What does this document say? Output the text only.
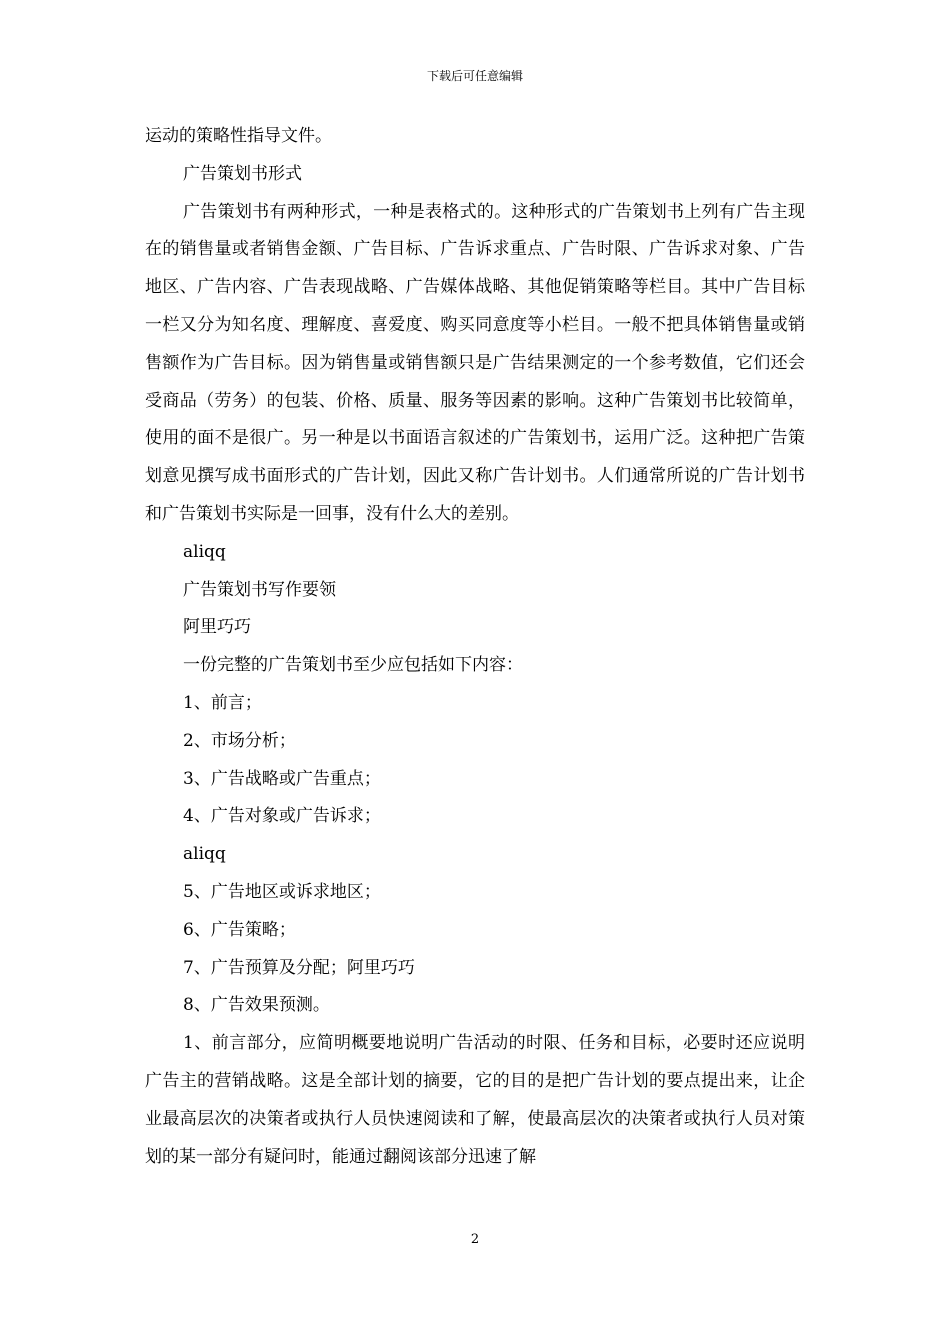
下载后可任意编辑

运动的策略性指导文件。

广告策划书形式

广告策划书有两种形式，一种是表格式的。这种形式的广告策划书上列有广告主现在的销售量或者销售金额、广告目标、广告诉求重点、广告时限、广告诉求对象、广告地区、广告内容、广告表现战略、广告媒体战略、其他促销策略等栏目。其中广告目标一栏又分为知名度、理解度、喜爱度、购买同意度等小栏目。一般不把具体销售量或销售额作为广告目标。因为销售量或销售额只是广告结果测定的一个参考数值，它们还会受商品（劳务）的包装、价格、质量、服务等因素的影响。这种广告策划书比较简单，使用的面不是很广。另一种是以书面语言叙述的广告策划书，运用广泛。这种把广告策划意见撰写成书面形式的广告计划，因此又称广告计划书。人们通常所说的广告计划书和广告策划书实际是一回事，没有什么大的差别。

aliqq

广告策划书写作要领

阿里巧巧

一份完整的广告策划书至少应包括如下内容：

1、前言；

2、市场分析；

3、广告战略或广告重点；

4、广告对象或广告诉求；

aliqq

5、广告地区或诉求地区；

6、广告策略；

7、广告预算及分配；阿里巧巧

8、广告效果预测。

1、前言部分，应简明概要地说明广告活动的时限、任务和目标，必要时还应说明广告主的营销战略。这是全部计划的摘要，它的目的是把广告计划的要点提出来，让企业最高层次的决策者或执行人员快速阅读和了解，使最高层次的决策者或执行人员对策划的某一部分有疑问时，能通过翻阅该部分迅速了解

2
